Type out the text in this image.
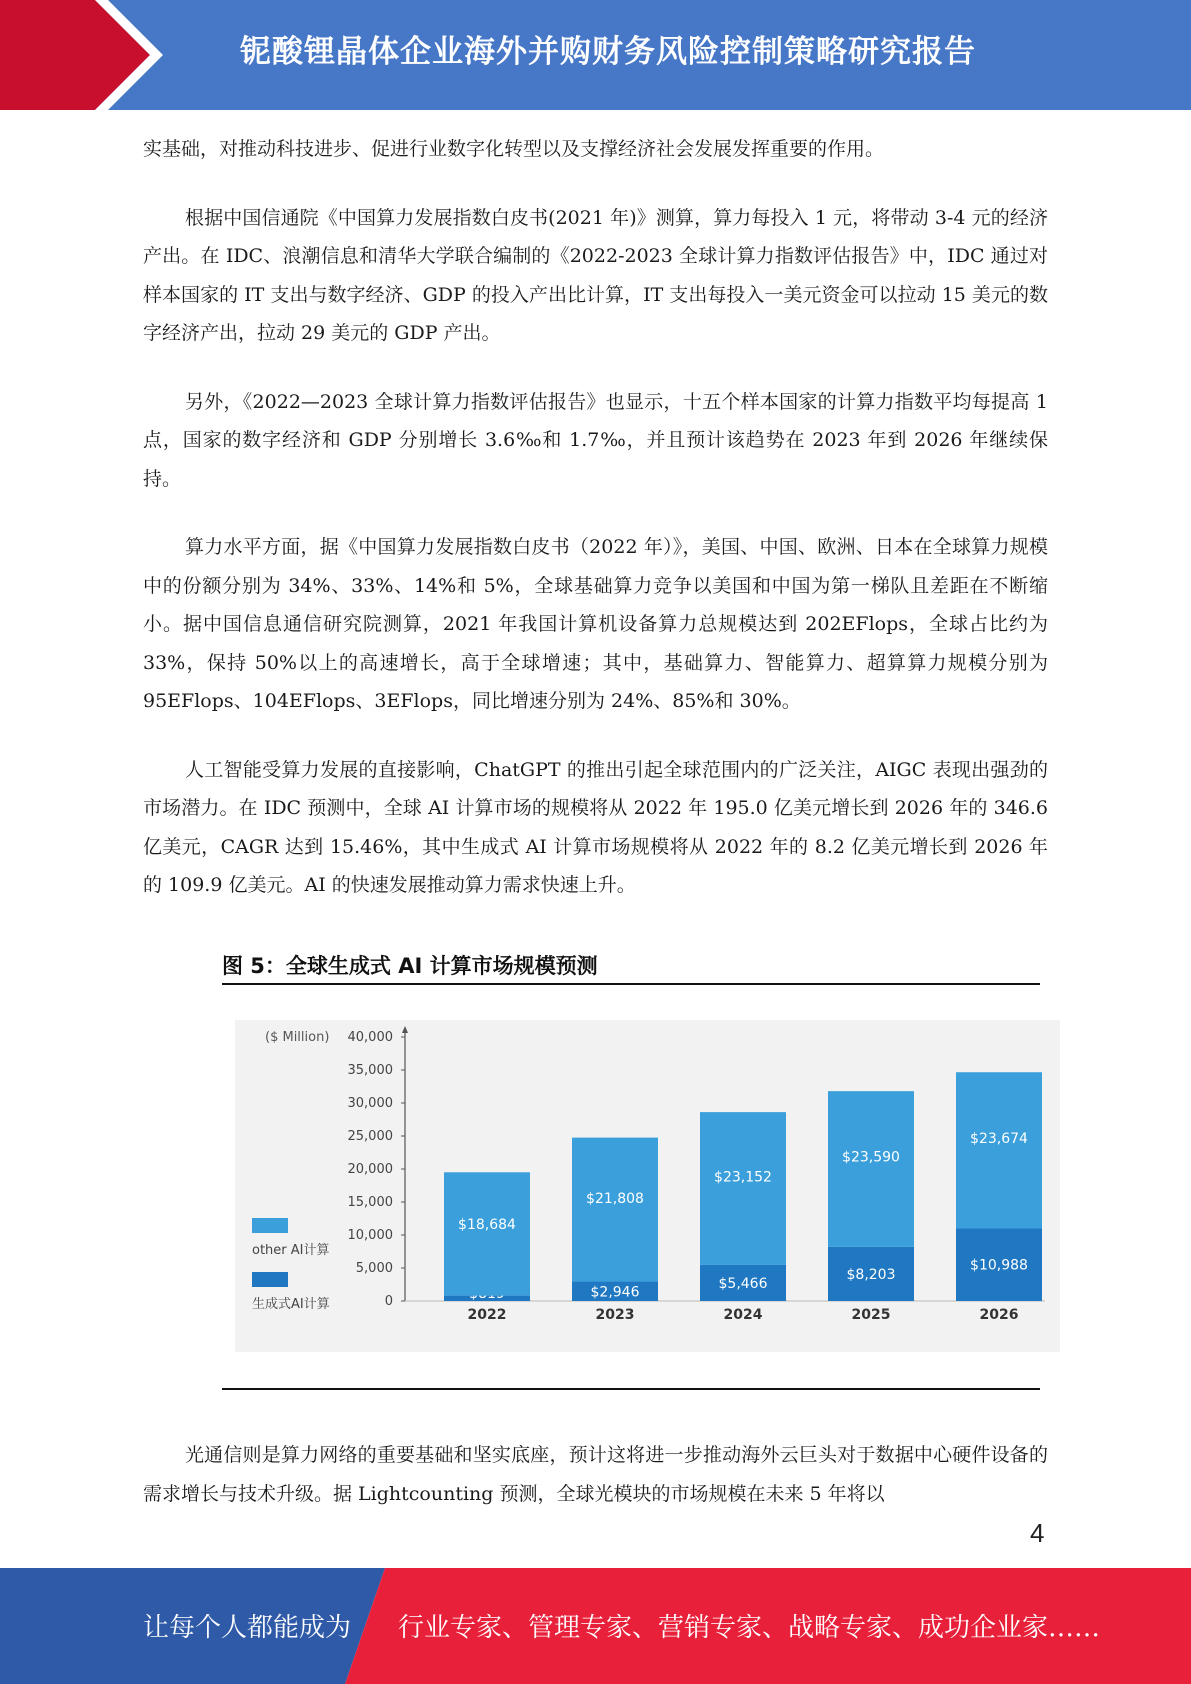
铌酸锂晶体企业海外并购财务风险控制策略研究报告

实基础，对推动科技进步、促进行业数字化转型以及支撑经济社会发展发挥重要的作用。

根据中国信通院《中国算力发展指数白皮书(2021 年)》测算，算力每投入 1 元，将带动 3-4 元的经济产出。在 IDC、浪潮信息和清华大学联合编制的《2022-2023 全球计算力指数评估报告》中，IDC 通过对样本国家的 IT 支出与数字经济、GDP 的投入产出比计算，IT 支出每投入一美元资金可以拉动 15 美元的数字经济产出，拉动 29 美元的 GDP 产出。

另外，《2022—2023 全球计算力指数评估报告》也显示，十五个样本国家的计算力指数平均每提高 1 点，国家的数字经济和 GDP 分别增长 3.6‰和 1.7‰，并且预计该趋势在 2023 年到 2026 年继续保持。

算力水平方面，据《中国算力发展指数白皮书（2022 年）》，美国、中国、欧洲、日本在全球算力规模中的份额分别为 34%、33%、14%和 5%，全球基础算力竞争以美国和中国为第一梯队且差距在不断缩小。据中国信息通信研究院测算，2021 年我国计算机设备算力总规模达到 202EFlops，全球占比约为 33%，保持 50%以上的高速增长，高于全球增速；其中，基础算力、智能算力、超算算力规模分别为 95EFlops、104EFlops、3EFlops，同比增速分别为 24%、85%和 30%。

人工智能受算力发展的直接影响，ChatGPT 的推出引起全球范围内的广泛关注，AIGC 表现出强劲的市场潜力。在 IDC 预测中，全球 AI 计算市场的规模将从 2022 年 195.0 亿美元增长到 2026 年的 346.6 亿美元，CAGR 达到 15.46%，其中生成式 AI 计算市场规模将从 2022 年的 8.2 亿美元增长到 2026 年的 109.9 亿美元。AI 的快速发展推动算力需求快速上升。

图 5：全球生成式 AI 计算市场规模预测
0
5,000
10,000
15,000
20,000
25,000
30,000
35,000
40,000
$18,684
2022
$2,946
$21,808
2023
$5,466
$23,152
2024
$8,203
$23,590
2025
$10,988
$23,674
2026
($ Million)
other AI计算
生成式AI计算

光通信则是算力网络的重要基础和坚实底座，预计这将进一步推动海外云巨头对于数据中心硬件设备的需求增长与技术升级。据 Lightcounting 预测，全球光模块的市场规模在未来 5 年将以

4
让每个人都能成为 行业专家、管理专家、营销专家、战略专家、成功企业家……
